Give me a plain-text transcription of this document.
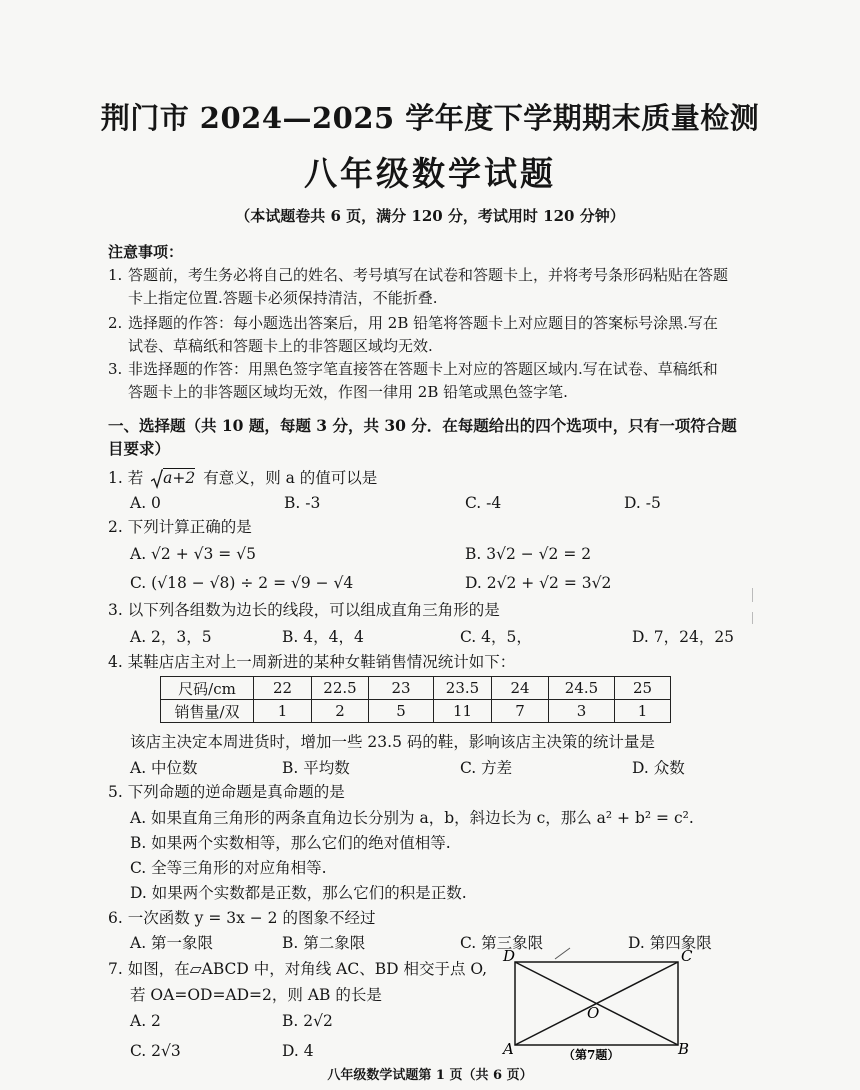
荆门市 2024—2025 学年度下学期期末质量检测
八年级数学试题
（本试题卷共 6 页，满分 120 分，考试用时 120 分钟）
注意事项：
1. 答题前，考生务必将自己的姓名、考号填写在试卷和答题卡上，并将考号条形码粘贴在答题卡上指定位置.答题卡必须保持清洁，不能折叠.
2. 选择题的作答：每小题选出答案后，用 2B 铅笔将答题卡上对应题目的答案标号涂黑.写在试卷、草稿纸和答题卡上的非答题区域均无效.
3. 非选择题的作答：用黑色签字笔直接答在答题卡上对应的答题区域内.写在试卷、草稿纸和答题卡上的非答题区域均无效，作图一律用 2B 铅笔或黑色签字笔.
一、选择题（共 10 题，每题 3 分，共 30 分．在每题给出的四个选项中，只有一项符合题目要求）
1. 若 a+2 有意义，则 a 的值可以是
A. 0	B. -3	C. -4	D. -5
2. 下列计算正确的是
A. √2 + √3 = √5	B. 3√2 − √2 = 2
C. (√18 − √8) ÷ 2 = √9 − √4	D. 2√2 + √2 = 3√2
3. 以下列各组数为边长的线段，可以组成直角三角形的是
A. 2，3，5	B. 4，4，4	C. 4，5，	D. 7，24，25
4. 某鞋店店主对上一周新进的某种女鞋销售情况统计如下：
尺码/cm	22	22.5	23	23.5	24	24.5	25
销售量/双	1	2	5	11	7	3	1
该店主决定本周进货时，增加一些 23.5 码的鞋，影响该店主决策的统计量是
A. 中位数	B. 平均数	C. 方差	D. 众数
5. 下列命题的逆命题是真命题的是
A. 如果直角三角形的两条直角边长分别为 a，b，斜边长为 c，那么 a² + b² = c².
B. 如果两个实数相等，那么它们的绝对值相等.
C. 全等三角形的对应角相等.
D. 如果两个实数都是正数，那么它们的积是正数.
6. 一次函数 y = 3x − 2 的图象不经过
A. 第一象限	B. 第二象限	C. 第三象限	D. 第四象限
7. 如图，在▱ABCD 中，对角线 AC、BD 相交于点 O,
若 OA=OD=AD=2，则 AB 的长是
A. 2	B. 2√2
C. 2√3	D. 4
D	C
A	B
O
（第7题）
八年级数学试题第 1 页（共 6 页）
